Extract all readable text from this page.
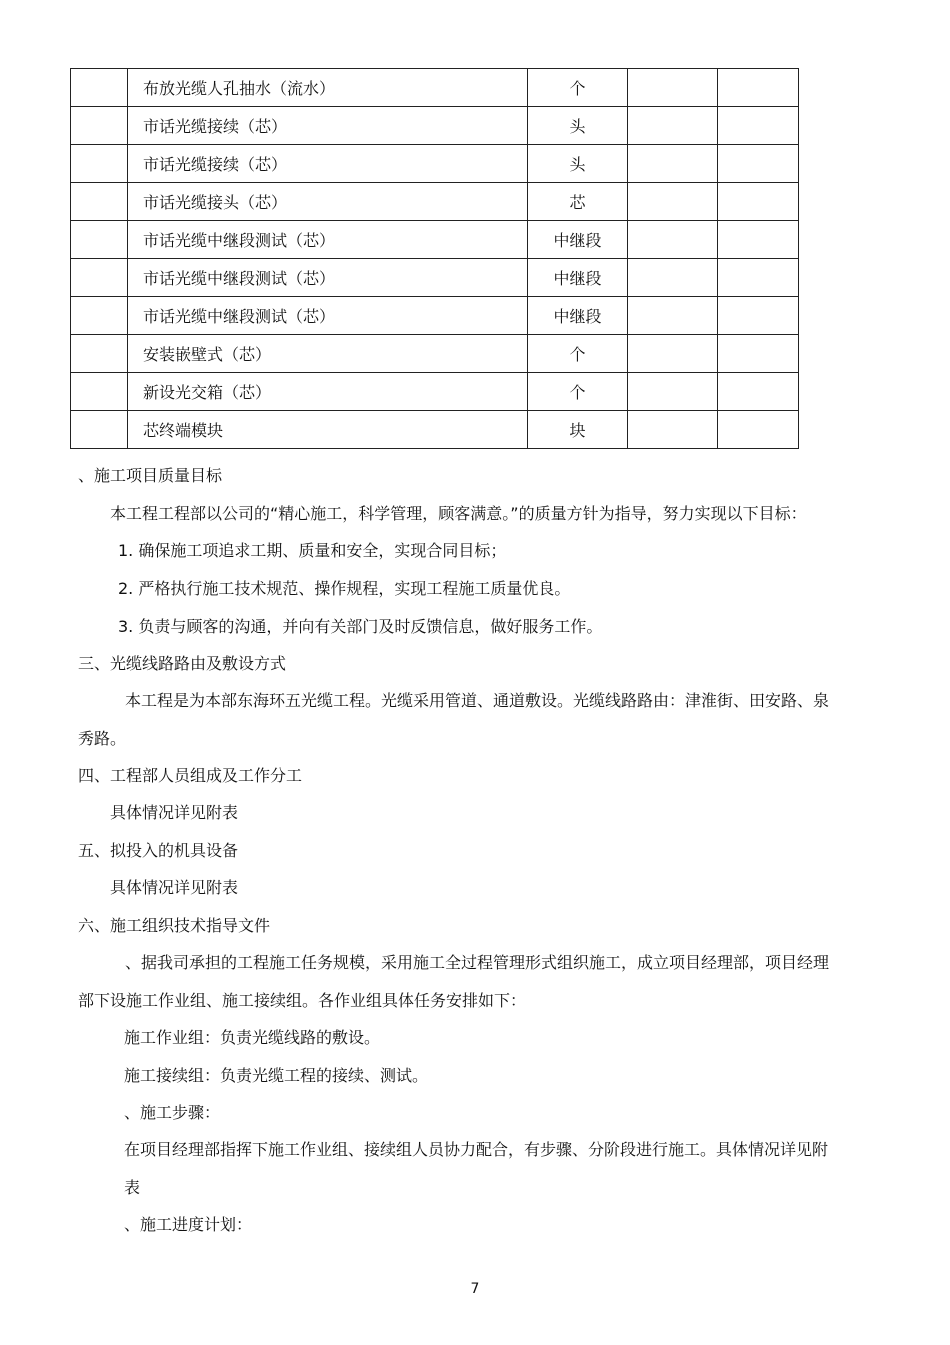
	布放光缆人孔抽水（流水）	个		
	市话光缆接续（芯）	头		
	市话光缆接续（芯）	头		
	市话光缆接头（芯）	芯		
	市话光缆中继段测试（芯）	中继段		
	市话光缆中继段测试（芯）	中继段		
	市话光缆中继段测试（芯）	中继段		
	安装嵌壁式（芯）	个		
	新设光交箱（芯）	个		
	芯终端模块	块		
、施工项目质量目标
本工程工程部以公司的“精心施工，科学管理，顾客满意。”的质量方针为指导，努力实现以下目标：
1. 确保施工项追求工期、质量和安全，实现合同目标；
2. 严格执行施工技术规范、操作规程，实现工程施工质量优良。
3. 负责与顾客的沟通，并向有关部门及时反馈信息，做好服务工作。
三、光缆线路路由及敷设方式
本工程是为本部东海环五光缆工程。光缆采用管道、通道敷设。光缆线路路由：津淮街、田安路、泉
秀路。
四、工程部人员组成及工作分工
具体情况详见附表
五、拟投入的机具设备
具体情况详见附表
六、施工组织技术指导文件
、据我司承担的工程施工任务规模，采用施工全过程管理形式组织施工，成立项目经理部，项目经理
部下设施工作业组、施工接续组。各作业组具体任务安排如下：
施工作业组：负责光缆线路的敷设。
施工接续组：负责光缆工程的接续、测试。
、施工步骤：
在项目经理部指挥下施工作业组、接续组人员协力配合，有步骤、分阶段进行施工。具体情况详见附
表
、施工进度计划：
7
